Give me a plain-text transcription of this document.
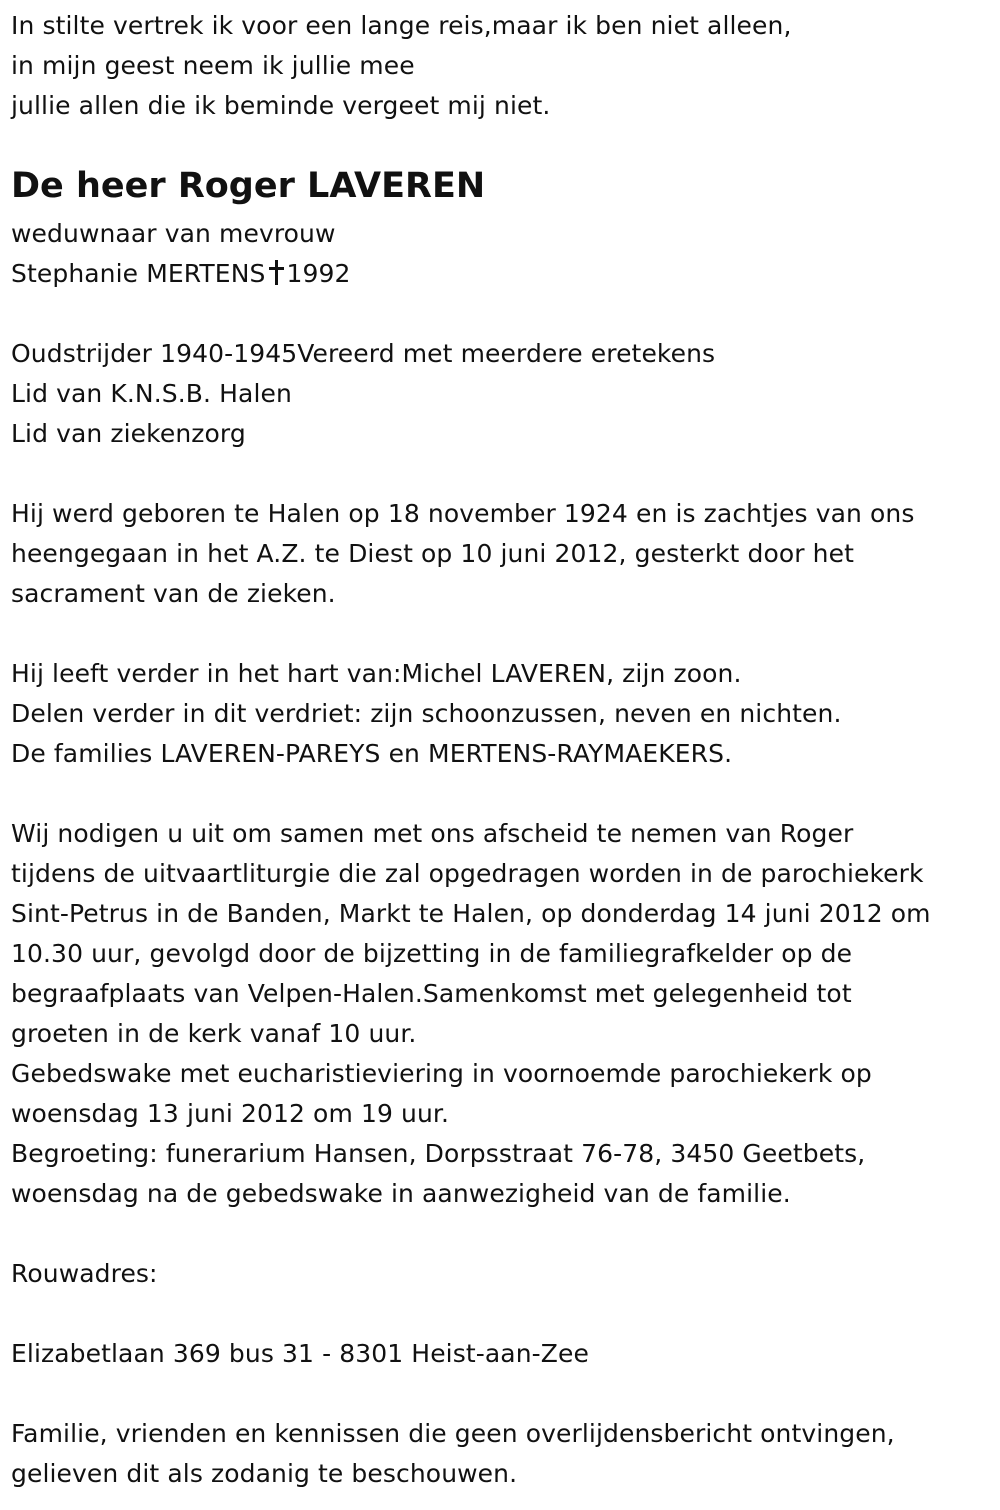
In stilte vertrek ik voor een lange reis,maar ik ben niet alleen,
in mijn geest neem ik jullie mee
jullie allen die ik beminde vergeet mij niet.
De heer Roger LAVEREN
weduwnaar van mevrouw
Stephanie MERTENS 1992
Oudstrijder 1940-1945Vereerd met meerdere eretekens
Lid van K.N.S.B. Halen
Lid van ziekenzorg
Hij werd geboren te Halen op 18 november 1924 en is zachtjes van ons
heengegaan in het A.Z. te Diest op 10 juni 2012, gesterkt door het
sacrament van de zieken.
Hij leeft verder in het hart van:Michel LAVEREN, zijn zoon.
Delen verder in dit verdriet: zijn schoonzussen, neven en nichten.
De families LAVEREN-PAREYS en MERTENS-RAYMAEKERS.
Wij nodigen u uit om samen met ons afscheid te nemen van Roger
tijdens de uitvaartliturgie die zal opgedragen worden in de parochiekerk
Sint-Petrus in de Banden, Markt te Halen, op donderdag 14 juni 2012 om
10.30 uur, gevolgd door de bijzetting in de familiegrafkelder op de
begraafplaats van Velpen-Halen.Samenkomst met gelegenheid tot
groeten in de kerk vanaf 10 uur.
Gebedswake met eucharistieviering in voornoemde parochiekerk op
woensdag 13 juni 2012 om 19 uur.
Begroeting: funerarium Hansen, Dorpsstraat 76-78, 3450 Geetbets,
woensdag na de gebedswake in aanwezigheid van de familie.
Rouwadres:
Elizabetlaan 369 bus 31 - 8301 Heist-aan-Zee
Familie, vrienden en kennissen die geen overlijdensbericht ontvingen,
gelieven dit als zodanig te beschouwen.
